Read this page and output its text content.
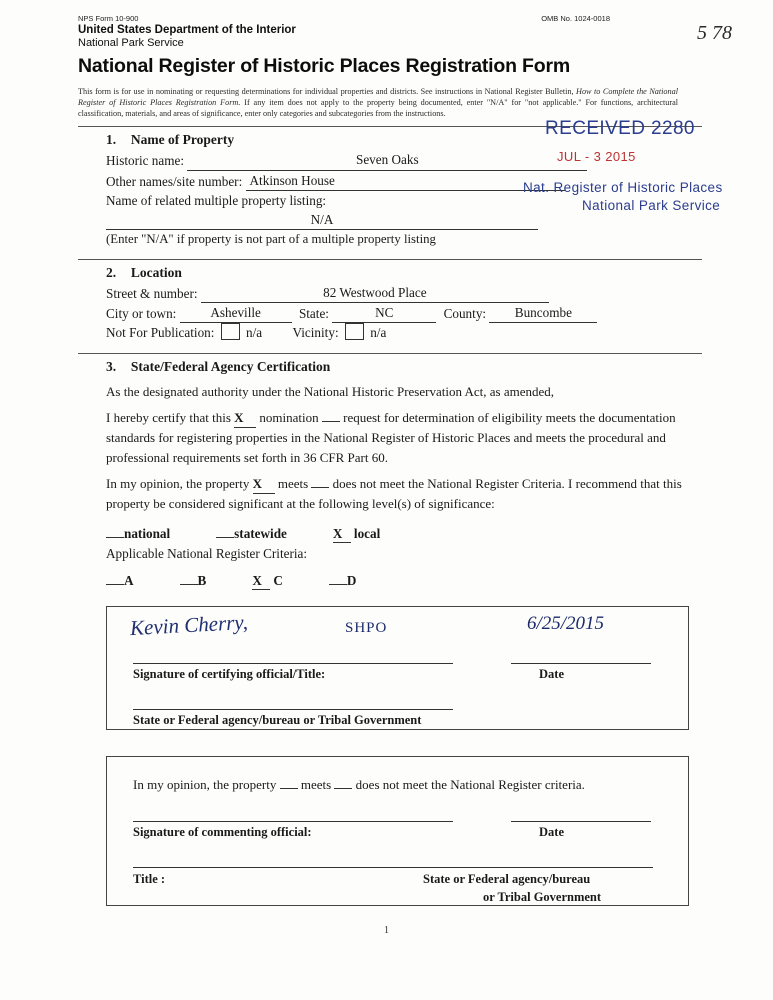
NPS Form 10-900	OMB No. 1024-0018
United States Department of the Interior
National Park Service
National Register of Historic Places Registration Form
This form is for use in nominating or requesting determinations for individual properties and districts. See instructions in National Register Bulletin, How to Complete the National Register of Historic Places Registration Form. If any item does not apply to the property being documented, enter "N/A" for "not applicable." For functions, architectural classification, materials, and areas of significance, enter only categories and subcategories from the instructions.
1. Name of Property
Historic name:	Seven Oaks
Other names/site number: Atkinson House
Name of related multiple property listing:
N/A
(Enter "N/A" if property is not part of a multiple property listing
2. Location
Street & number:	82 Westwood Place
City or town:	Asheville	State:	NC	County: Buncombe
Not For Publication: n/a Vicinity: n/a
3. State/Federal Agency Certification
As the designated authority under the National Historic Preservation Act, as amended,
I hereby certify that this X nomination request for determination of eligibility meets the documentation standards for registering properties in the National Register of Historic Places and meets the procedural and professional requirements set forth in 36 CFR Part 60.
In my opinion, the property X meets does not meet the National Register Criteria. I recommend that this property be considered significant at the following level(s) of significance:
national	statewide	X local
Applicable National Register Criteria:
A	B	X C	D
Signature of certifying official/Title:	Date
State or Federal agency/bureau or Tribal Government
In my opinion, the property meets does not meet the National Register criteria.
Signature of commenting official:	Date
Title :	State or Federal agency/bureau
or Tribal Government
5 78
RECEIVED 2280
JUL - 3 2015
Nat. Register of Historic Places
National Park Service
Kevin Cherry,	SHPO	6/25/2015
1
